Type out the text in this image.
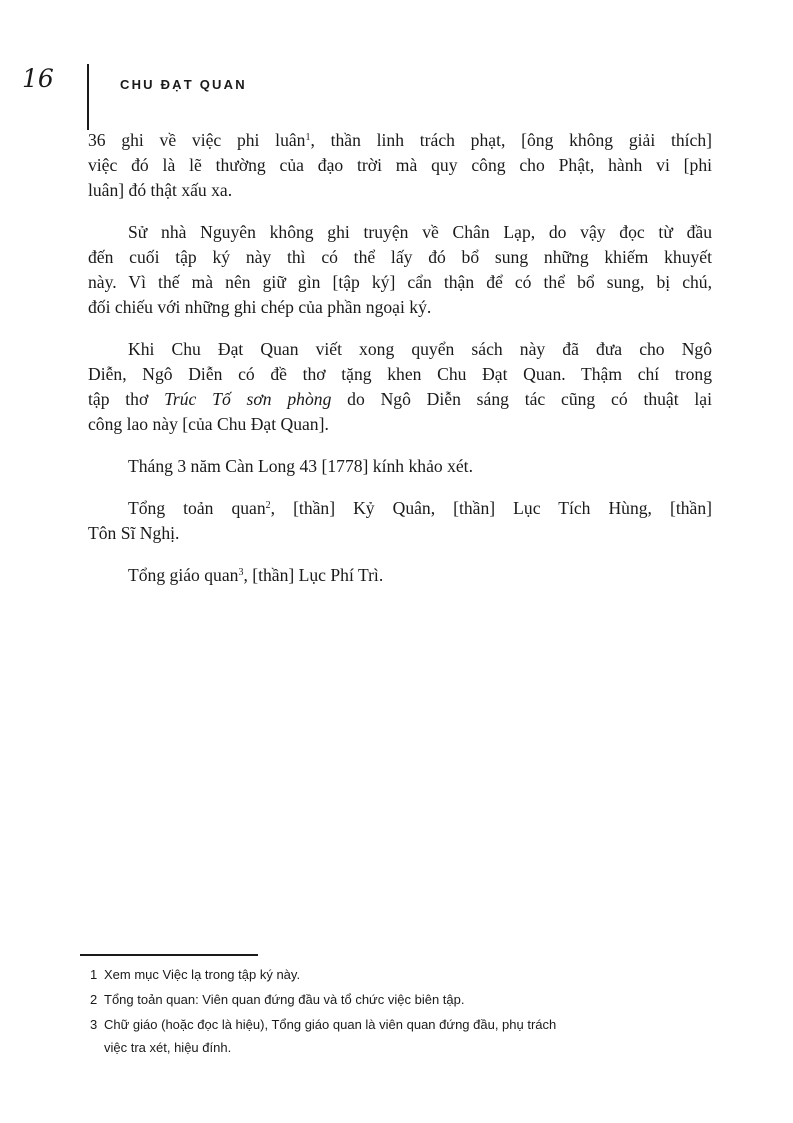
16	CHU ĐẠT QUAN
36 ghi về việc phi luân$^1$, thần linh trách phạt, [ông không giải thích]
việc đó là lẽ thường của đạo trời mà quy công cho Phật, hành vi [phi
luân] đó thật xấu xa.
Sử nhà Nguyên không ghi truyện về Chân Lạp, do vậy đọc từ đầu
đến cuối tập ký này thì có thể lấy đó bổ sung những khiếm khuyết
này. Vì thế mà nên giữ gìn [tập ký] cẩn thận để có thể bổ sung, bị chú,
đối chiếu với những ghi chép của phần ngoại ký.
Khi Chu Đạt Quan viết xong quyển sách này đã đưa cho Ngô
Diễn, Ngô Diễn có đề thơ tặng khen Chu Đạt Quan. Thậm chí trong
tập thơ Trúc Tố sơn phòng do Ngô Diễn sáng tác cũng có thuật lại
công lao này [của Chu Đạt Quan].
Tháng 3 năm Càn Long 43 [1778] kính khảo xét.
Tổng toản quan$^2$, [thần] Kỷ Quân, [thần] Lục Tích Hùng, [thần]
Tôn Sĩ Nghị.
Tổng giáo quan$^3$, [thần] Lục Phí Trì.
1 Xem mục Việc lạ trong tập ký này.
2 Tổng toản quan: Viên quan đứng đầu và tổ chức việc biên tập.
3 Chữ giáo (hoặc đọc là hiệu), Tổng giáo quan là viên quan đứng đầu, phụ trách
việc tra xét, hiệu đính.
